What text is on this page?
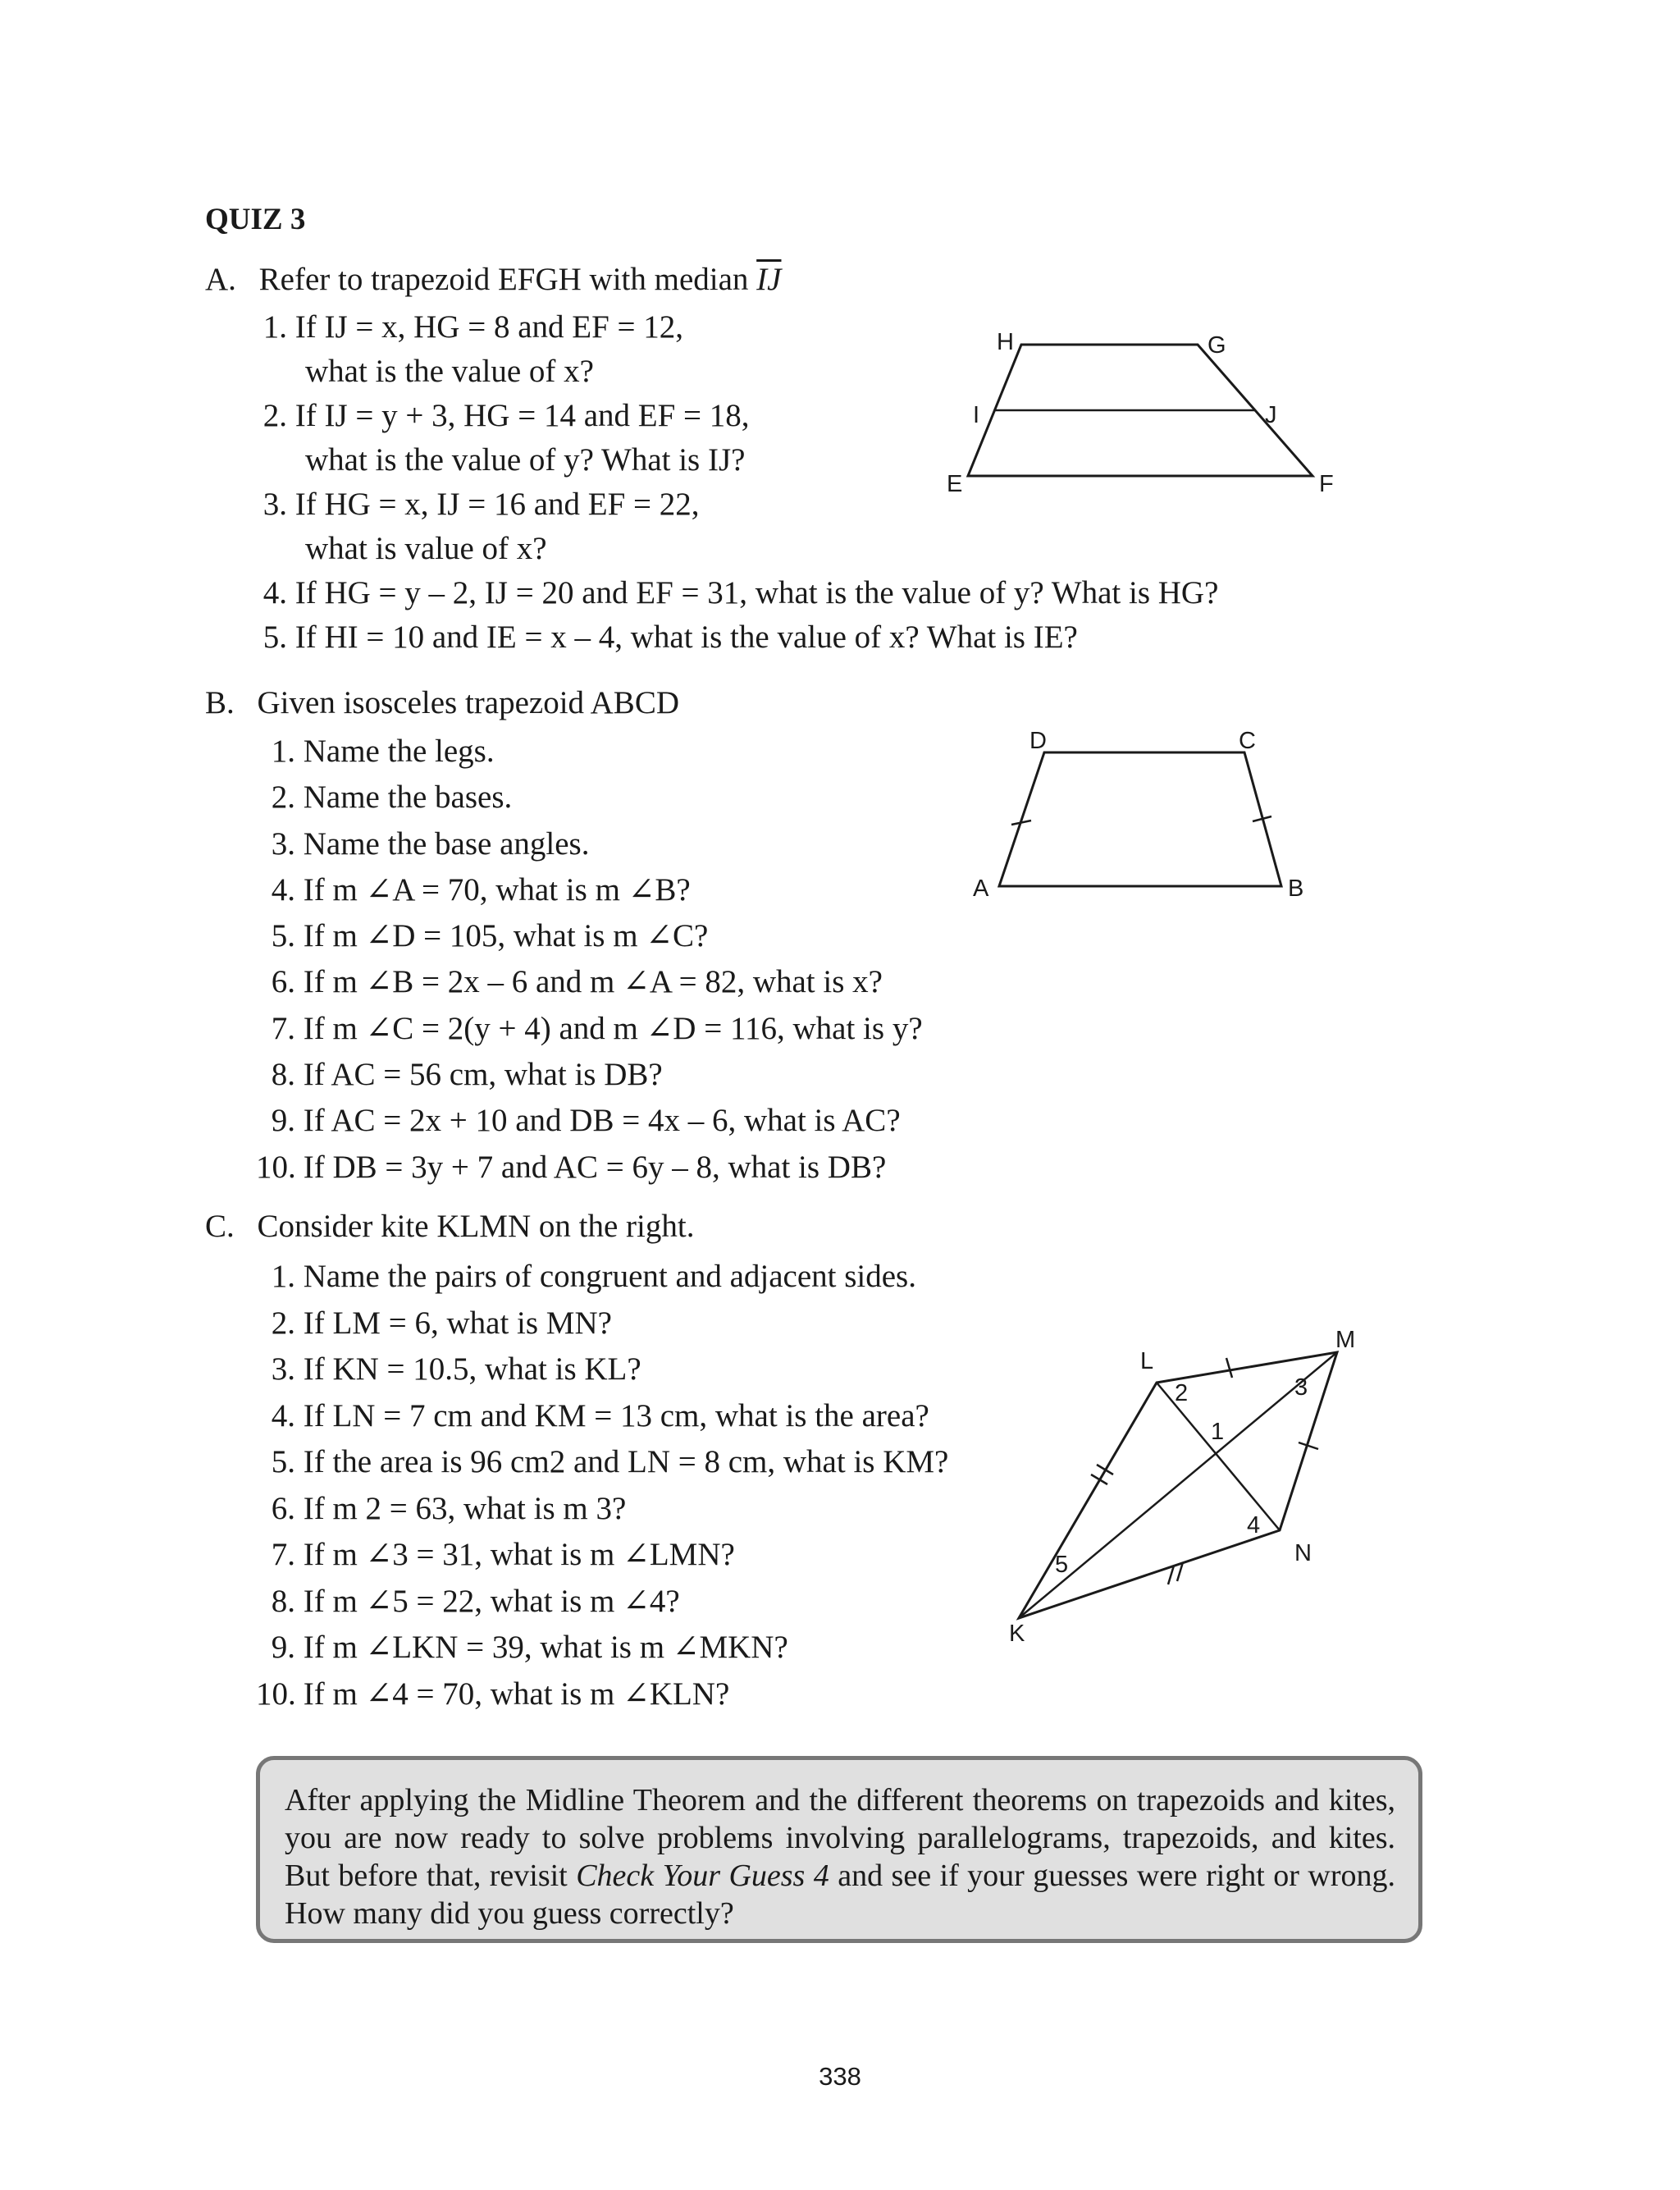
QUIZ 3
A. Refer to trapezoid EFGH with median $\overline{IJ}$
1. If IJ = x, HG = 8 and EF = 12,
what is the value of x?
2. If IJ = y + 3, HG = 14 and EF = 18,
what is the value of y? What is IJ?
3. If HG = x, IJ = 16 and EF = 22,
what is value of x?
4. If HG = y – 2, IJ = 20 and EF = 31, what is the value of y? What is HG?
5. If HI = 10 and IE = x – 4, what is the value of x? What is IE?
E	F
G
H
I	J
B. Given isosceles trapezoid ABCD
1. Name the legs.
2. Name the bases.
3. Name the base angles.
4. If m ∠A = 70, what is m ∠B?
5. If m ∠D = 105, what is m ∠C?
6. If m ∠B = 2x – 6 and m ∠A = 82, what is x?
7. If m ∠C = 2(y + 4) and m ∠D = 116, what is y?
8. If AC = 56 cm, what is DB?
9. If AC = 2x + 10 and DB = 4x – 6, what is AC?
10. If DB = 3y + 7 and AC = 6y – 8, what is DB?
A	B
C
D
C. Consider kite KLMN on the right.
1. Name the pairs of congruent and adjacent sides.
2. If LM = 6, what is MN?
3. If KN = 10.5, what is KL?
4. If LN = 7 cm and KM = 13 cm, what is the area?
5. If the area is 96 cm2 and LN = 8 cm, what is KM?
6. If m 2 = 63, what is m 3?
7. If m ∠3 = 31, what is m ∠LMN?
8. If m ∠5 = 22, what is m ∠4?
9. If m ∠LKN = 39, what is m ∠MKN?
10. If m ∠4 = 70, what is m ∠KLN?
K
L
M
N
1
2	3
4
5
After applying the Midline Theorem and the different theorems on trapezoids and kites, you are now ready to solve problems involving parallelograms, trapezoids, and kites. But before that, revisit Check Your Guess 4 and see if your guesses were right or wrong. How many did you guess correctly?
338
